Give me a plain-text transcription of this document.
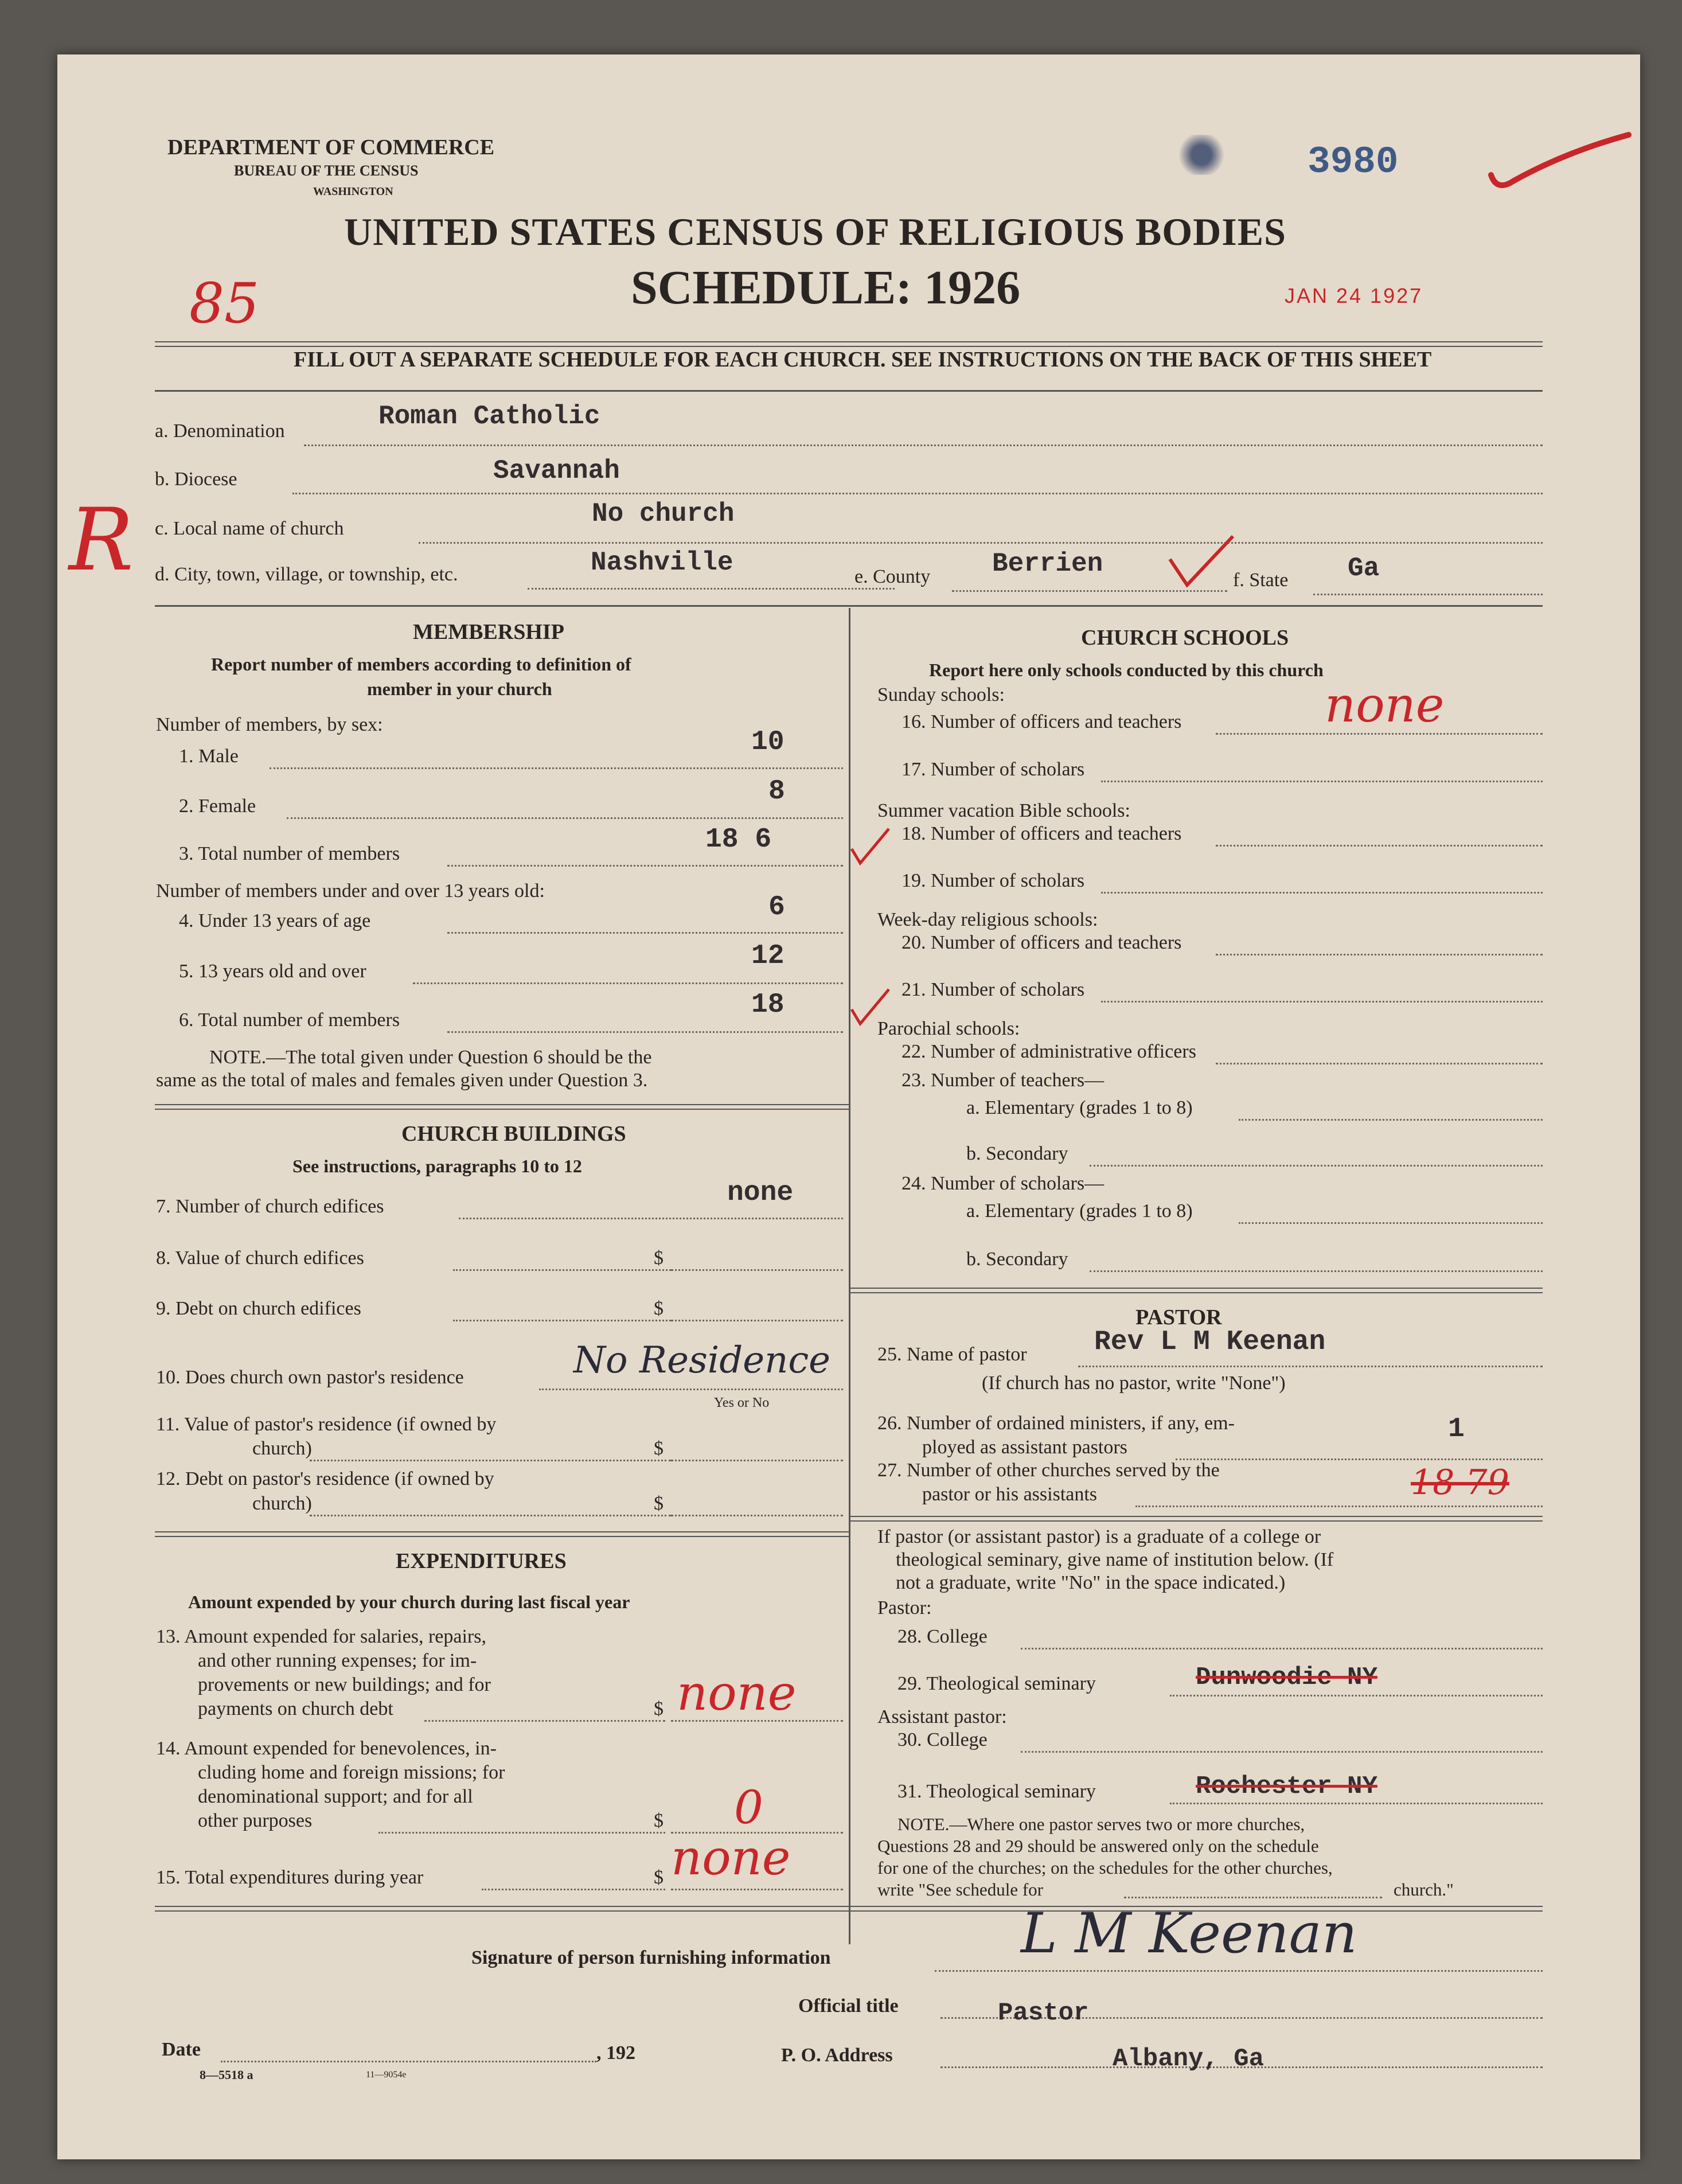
DEPARTMENT OF COMMERCE
BUREAU OF THE CENSUS
WASHINGTON
UNITED STATES CENSUS OF RELIGIOUS BODIES
SCHEDULE: 1926
3980
JAN 24 1927
85
FILL OUT A SEPARATE SCHEDULE FOR EACH CHURCH. SEE INSTRUCTIONS ON THE BACK OF THIS SHEET
a. Denomination	Roman Catholic
b. Diocese	Savannah
c. Local name of church	No church
d. City, town, village, or township, etc.	Nashville	e. County Berrien
f. State Ga
R
MEMBERSHIP
Report number of members according to definition of
member in your church
Number of members, by sex:
1. Male	10
2. Female	8
3. Total number of members	18 6
Number of members under and over 13 years old:
4. Under 13 years of age	6
5. 13 years old and over	12
6. Total number of members	18
NOTE.—The total given under Question 6 should be the
same as the total of males and females given under Question 3.
CHURCH BUILDINGS
See instructions, paragraphs 10 to 12
7. Number of church edifices	none
8. Value of church edifices	$
9. Debt on church edifices	$
10. Does church own pastor's residence	No Residence
Yes or No
11. Value of pastor's residence (if owned by
church)	$
12. Debt on pastor's residence (if owned by
church)	$
EXPENDITURES
Amount expended by your church during last fiscal year
13. Amount expended for salaries, repairs,
and other running expenses; for im-
provements or new buildings; and for
payments on church debt	$ none
14. Amount expended for benevolences, in-
cluding home and foreign missions; for
denominational support; and for all
other purposes	$ 0
15. Total expenditures during year	$ none
CHURCH SCHOOLS
Report here only schools conducted by this church
Sunday schools:
16. Number of officers and teachers	none
17. Number of scholars
Summer vacation Bible schools:
18. Number of officers and teachers
19. Number of scholars
Week-day religious schools:
20. Number of officers and teachers
21. Number of scholars
Parochial schools:
22. Number of administrative officers
23. Number of teachers—
a. Elementary (grades 1 to 8)
b. Secondary
24. Number of scholars—
a. Elementary (grades 1 to 8)
b. Secondary
PASTOR
25. Name of pastor Rev L M Keenan
(If church has no pastor, write "None")
26. Number of ordained ministers, if any, em-
ployed as assistant pastors
1
27. Number of other churches served by the
pastor or his assistants	18 79
If pastor (or assistant pastor) is a graduate of a college or
theological seminary, give name of institution below. (If
not a graduate, write "No" in the space indicated.)
Pastor:
28. College
29. Theological seminary	Dunwoodie NY
Assistant pastor:
30. College
31. Theological seminary	Rochester NY
NOTE.—Where one pastor serves two or more churches,
Questions 28 and 29 should be answered only on the schedule
for one of the churches; on the schedules for the other churches,
write "See schedule for	church."
Signature of person furnishing information	L M Keenan
Official title	Pastor
Date	, 192	P. O. Address	Albany, Ga
8—5518 a	11—9054e
